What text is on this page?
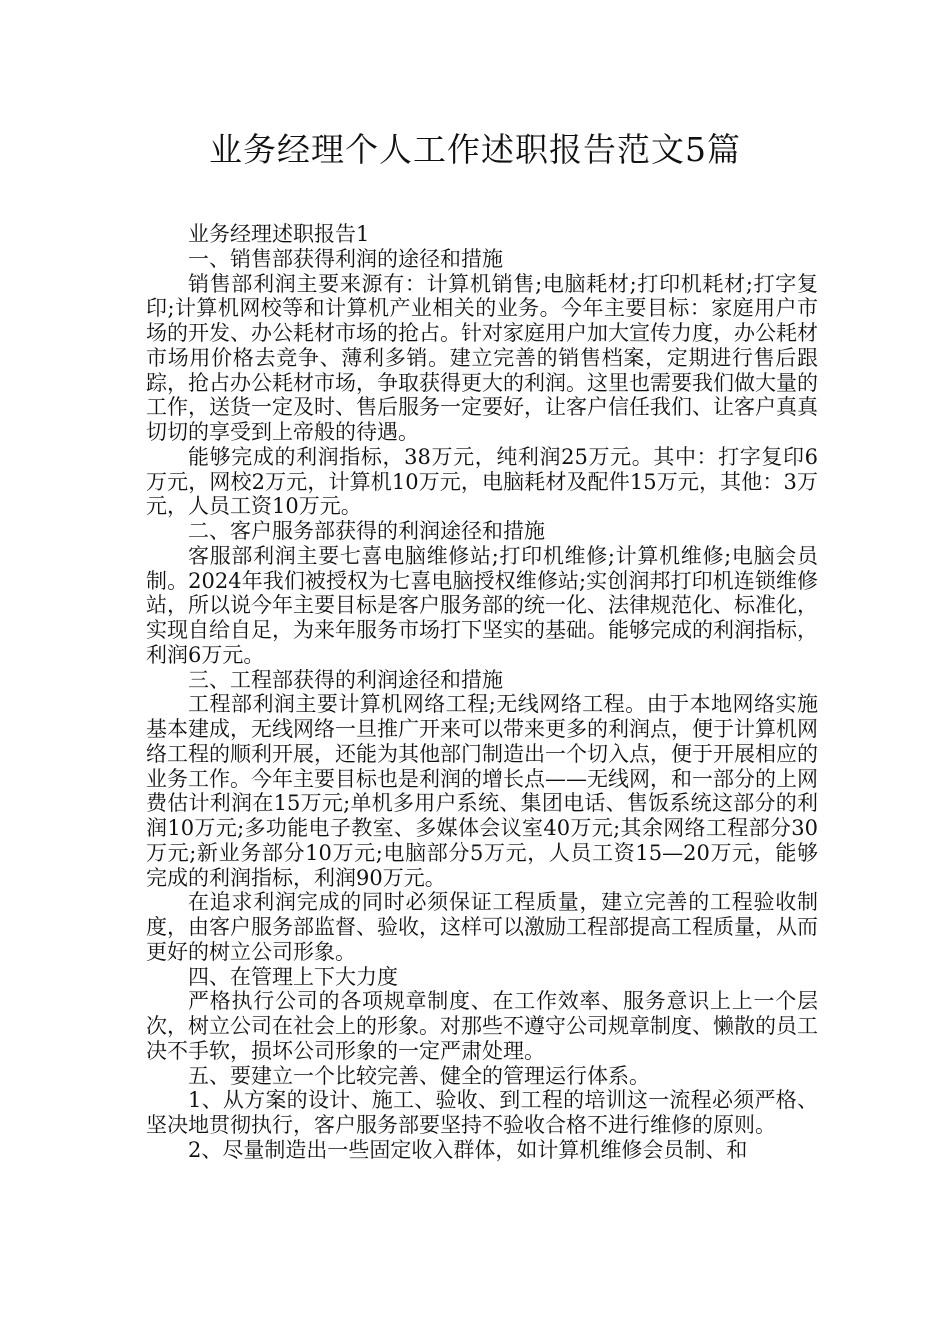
业务经理个人工作述职报告范文5篇

业务经理述职报告1

一、销售部获得利润的途径和措施

销售部利润主要来源有：计算机销售;电脑耗材;打印机耗材;打字复印;计算机网校等和计算机产业相关的业务。今年主要目标：家庭用户市场的开发、办公耗材市场的抢占。针对家庭用户加大宣传力度，办公耗材市场用价格去竞争、薄利多销。建立完善的销售档案，定期进行售后跟踪，抢占办公耗材市场，争取获得更大的利润。这里也需要我们做大量的工作，送货一定及时、售后服务一定要好，让客户信任我们、让客户真真切切的享受到上帝般的待遇。

能够完成的利润指标，38万元，纯利润25万元。其中：打字复印6万元，网校2万元，计算机10万元，电脑耗材及配件15万元，其他：3万元，人员工资10万元。

二、客户服务部获得的利润途径和措施

客服部利润主要七喜电脑维修站;打印机维修;计算机维修;电脑会员制。2024年我们被授权为七喜电脑授权维修站;实创润邦打印机连锁维修站，所以说今年主要目标是客户服务部的统一化、法律规范化、标准化，实现自给自足，为来年服务市场打下坚实的基础。能够完成的利润指标，利润6万元。

三、工程部获得的利润途径和措施

工程部利润主要计算机网络工程;无线网络工程。由于本地网络实施基本建成，无线网络一旦推广开来可以带来更多的利润点，便于计算机网络工程的顺利开展，还能为其他部门制造出一个切入点，便于开展相应的业务工作。今年主要目标也是利润的增长点——无线网，和一部分的上网费估计利润在15万元;单机多用户系统、集团电话、售饭系统这部分的利润10万元;多功能电子教室、多媒体会议室40万元;其余网络工程部分30万元;新业务部分10万元;电脑部分5万元，人员工资15—20万元，能够完成的利润指标，利润90万元。

在追求利润完成的同时必须保证工程质量，建立完善的工程验收制度，由客户服务部监督、验收，这样可以激励工程部提高工程质量，从而更好的树立公司形象。

四、在管理上下大力度

严格执行公司的各项规章制度、在工作效率、服务意识上上一个层次，树立公司在社会上的形象。对那些不遵守公司规章制度、懒散的员工决不手软，损坏公司形象的一定严肃处理。

五、要建立一个比较完善、健全的管理运行体系。

1、从方案的设计、施工、验收、到工程的培训这一流程必须严格、坚决地贯彻执行，客户服务部要坚持不验收合格不进行维修的原则。

2、尽量制造出一些固定收入群体，如计算机维修会员制、和
